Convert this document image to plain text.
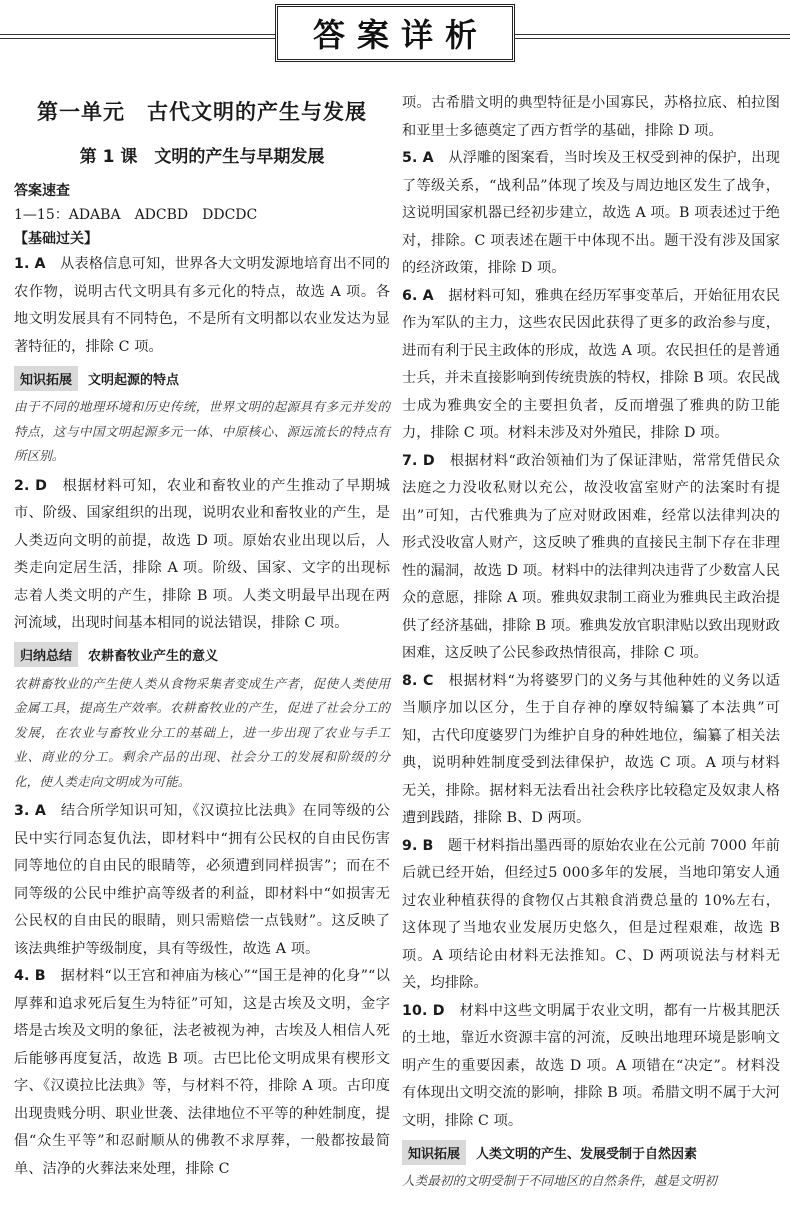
答案详析
第一单元　古代文明的产生与发展
第 1 课　文明的产生与早期发展
答案速查
1—15：ADABA　ADCBD　DDCDC
【基础过关】

1. A　 从表格信息可知，世界各大文明发源地培育出不同的农作物，说明古代文明具有多元化的特点，故选 A 项。各地文明发展具有不同特色，不是所有文明都以农业发达为显著特征的，排除 C 项。

知识拓展	文明起源的特点

由于不同的地理环境和历史传统，世界文明的起源具有多元并发的特点，这与中国文明起源多元一体、中原核心、源远流长的特点有所区别。

2. D　 根据材料可知，农业和畜牧业的产生推动了早期城市、阶级、国家组织的出现，说明农业和畜牧业的产生，是人类迈向文明的前提，故选 D 项。原始农业出现以后，人类走向定居生活，排除 A 项。阶级、国家、文字的出现标志着人类文明的产生，排除 B 项。人类文明最早出现在两河流域，出现时间基本相同的说法错误，排除 C 项。

归纳总结	农耕畜牧业产生的意义

农耕畜牧业的产生使人类从食物采集者变成生产者，促使人类使用金属工具，提高生产效率。农耕畜牧业的产生，促进了社会分工的发展，在农业与畜牧业分工的基础上，进一步出现了农业与手工业、商业的分工。剩余产品的出现、社会分工的发展和阶级的分化，使人类走向文明成为可能。

3. A　 结合所学知识可知，《汉谟拉比法典》在同等级的公民中实行同态复仇法，即材料中“拥有公民权的自由民伤害同等地位的自由民的眼睛等，必须遭到同样损害”；而在不同等级的公民中维护高等级者的利益，即材料中“如损害无公民权的自由民的眼睛，则只需赔偿一点钱财”。这反映了该法典维护等级制度，具有等级性，故选 A 项。

4. B　 据材料“以王宫和神庙为核心”“国王是神的化身”“以厚葬和追求死后复生为特征”可知，这是古埃及文明，金字塔是古埃及文明的象征，法老被视为神，古埃及人相信人死后能够再度复活，故选 B 项。古巴比伦文明成果有楔形文字、《汉谟拉比法典》等，与材料不符，排除 A 项。古印度出现贵贱分明、职业世袭、法律地位不平等的种姓制度，提倡“众生平等”和忍耐顺从的佛教不求厚葬，一般都按最简单、洁净的火葬法来处理，排除 C

项。古希腊文明的典型特征是小国寡民，苏格拉底、柏拉图和亚里士多德奠定了西方哲学的基础，排除 D 项。

5. A　 从浮雕的图案看，当时埃及王权受到神的保护，出现了等级关系，“战利品”体现了埃及与周边地区发生了战争，这说明国家机器已经初步建立，故选 A 项。B 项表述过于绝对，排除。C 项表述在题干中体现不出。题干没有涉及国家的经济政策，排除 D 项。

6. A　 据材料可知，雅典在经历军事变革后，开始征用农民作为军队的主力，这些农民因此获得了更多的政治参与度，进而有利于民主政体的形成，故选 A 项。农民担任的是普通士兵，并未直接影响到传统贵族的特权，排除 B 项。农民战士成为雅典安全的主要担负者，反而增强了雅典的防卫能力，排除 C 项。材料未涉及对外殖民，排除 D 项。

7. D　 根据材料“政治领袖们为了保证津贴，常常凭借民众法庭之力没收私财以充公，故没收富室财产的法案时有提出”可知，古代雅典为了应对财政困难，经常以法律判决的形式没收富人财产，这反映了雅典的直接民主制下存在非理性的漏洞，故选 D 项。材料中的法律判决违背了少数富人民众的意愿，排除 A 项。雅典奴隶制工商业为雅典民主政治提供了经济基础，排除 B 项。雅典发放官职津贴以致出现财政困难，这反映了公民参政热情很高，排除 C 项。

8. C　 根据材料“为将婆罗门的义务与其他种姓的义务以适当顺序加以区分，生于自存神的摩奴特编纂了本法典”可知，古代印度婆罗门为维护自身的种姓地位，编纂了相关法典，说明种姓制度受到法律保护，故选 C 项。A 项与材料无关，排除。据材料无法看出社会秩序比较稳定及奴隶人格遭到践踏，排除 B、D 两项。

9. B　 题干材料指出墨西哥的原始农业在公元前 7000 年前后就已经开始，但经过5 000多年的发展，当地印第安人通过农业种植获得的食物仅占其粮食消费总量的 10%左右，这体现了当地农业发展历史悠久，但是过程艰难，故选 B 项。A 项结论由材料无法推知。C、D 两项说法与材料无关，均排除。

10. D　 材料中这些文明属于农业文明，都有一片极其肥沃的土地，靠近水资源丰富的河流，反映出地理环境是影响文明产生的重要因素，故选 D 项。A 项错在“决定”。材料没有体现出文明交流的影响，排除 B 项。希腊文明不属于大河文明，排除 C 项。

知识拓展	人类文明的产生、发展受制于自然因素

人类最初的文明受制于不同地区的自然条件，越是文明初
